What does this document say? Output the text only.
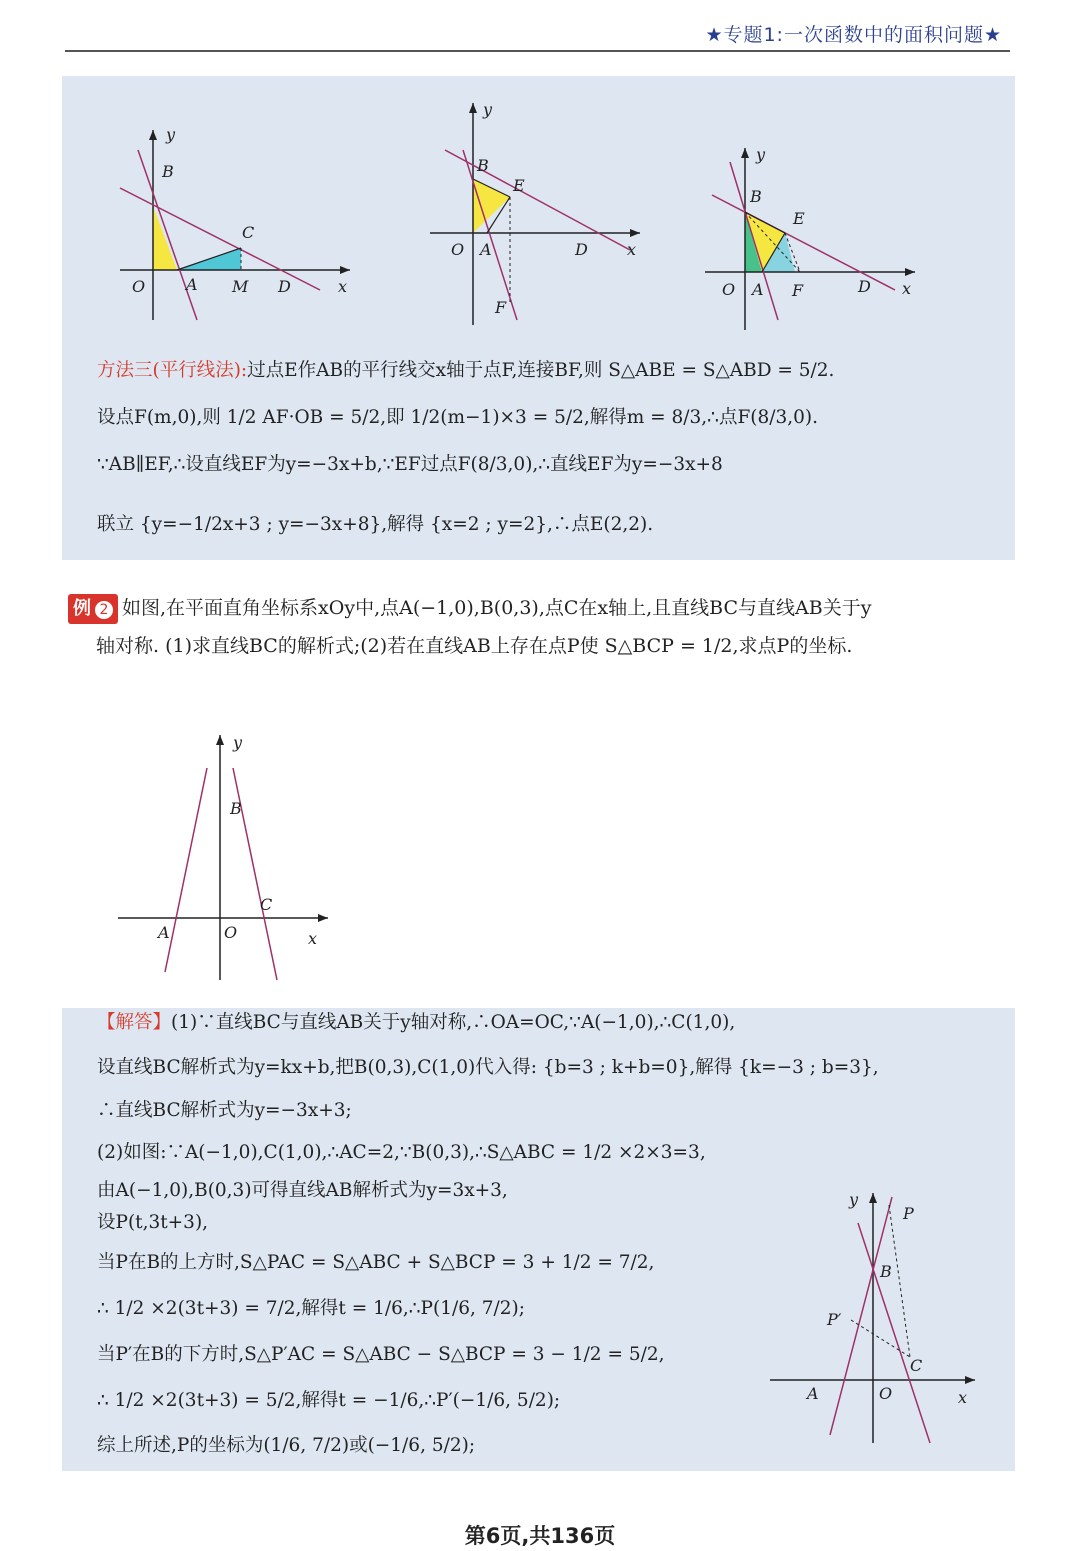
★专题1:一次函数中的面积问题★
y
B
C
O	A M D	x
y
B
E
O A	D x
F
y
B
E
O A F	D x
方法三(平行线法):过点E作AB的平行线交x轴于点F,连接BF,则 S△ABE = S△ABD = 5/2.
设点F(m,0),则 1/2 AF·OB = 5/2,即 1/2(m−1)×3 = 5/2,解得m = 8/3,∴点F(8/3,0).
∵AB∥EF,∴设直线EF为y=−3x+b,∵EF过点F(8/3,0),∴直线EF为y=−3x+8
联立 {y=−1/2x+3 ; y=−3x+8},解得 {x=2 ; y=2},∴点E(2,2).
例 2 如图,在平面直角坐标系xOy中,点A(−1,0),B(0,3),点C在x轴上,且直线BC与直线AB关于y
轴对称. (1)求直线BC的解析式;(2)若在直线AB上存在点P使 S△BCP = 1/2,求点P的坐标.
y
B
C
A	O	x
【解答】(1)∵直线BC与直线AB关于y轴对称,∴OA=OC,∵A(−1,0),∴C(1,0),
设直线BC解析式为y=kx+b,把B(0,3),C(1,0)代入得: {b=3 ; k+b=0},解得 {k=−3 ; b=3},
∴直线BC解析式为y=−3x+3;
(2)如图:∵A(−1,0),C(1,0),∴AC=2,∵B(0,3),∴S△ABC = 1/2 ×2×3=3,
由A(−1,0),B(0,3)可得直线AB解析式为y=3x+3,
设P(t,3t+3),
当P在B的上方时,S△PAC = S△ABC + S△BCP = 3 + 1/2 = 7/2,
∴ 1/2 ×2(3t+3) = 7/2,解得t = 1/6,∴P(1/6, 7/2);
当P′在B的下方时,S△P′AC = S△ABC − S△BCP = 3 − 1/2 = 5/2,
∴ 1/2 ×2(3t+3) = 5/2,解得t = −1/6,∴P′(−1/6, 5/2);
综上所述,P的坐标为(1/6, 7/2)或(−1/6, 5/2);
y
P
B
P′
C
A	O	x
第6页,共136页
